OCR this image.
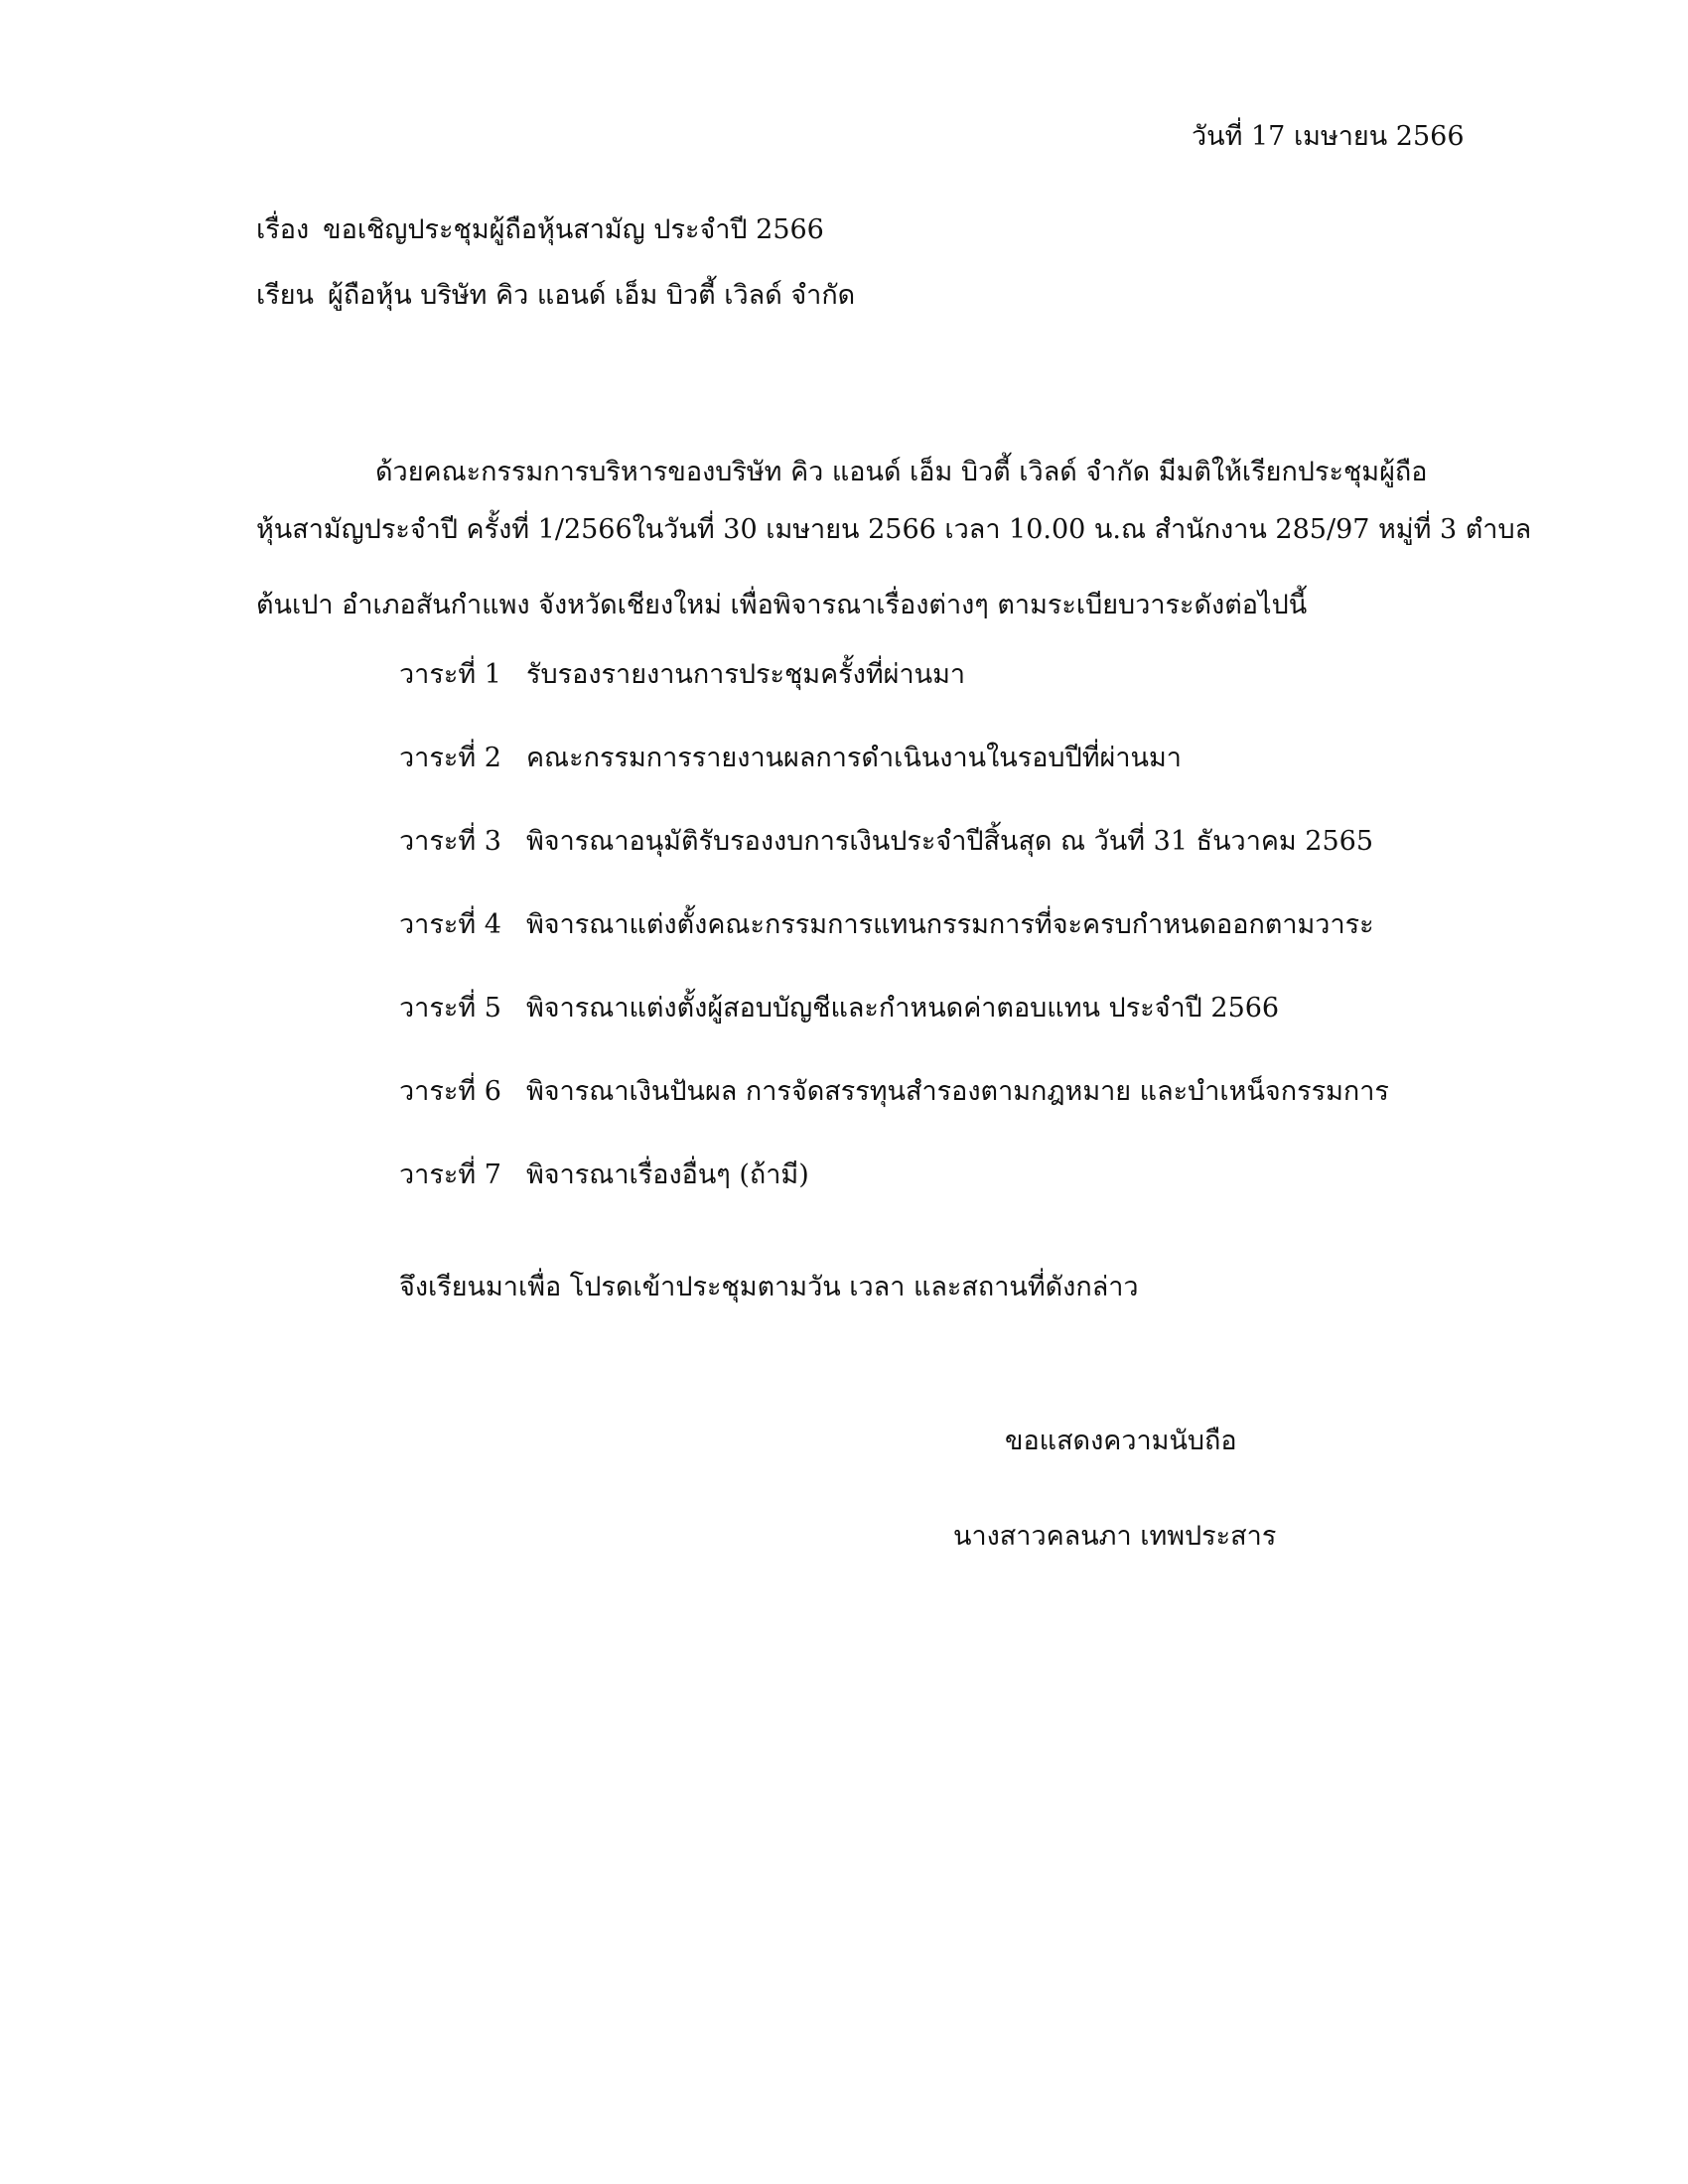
วันที่ 17 เมษายน 2566
เรื่อง ขอเชิญประชุมผู้ถือหุ้นสามัญ ประจำปี 2566
เรียน ผู้ถือหุ้น บริษัท คิว แอนด์ เอ็ม บิวตี้ เวิลด์ จำกัด
ด้วยคณะกรรมการบริหารของบริษัท คิว แอนด์ เอ็ม บิวตี้ เวิลด์ จำกัด มีมติให้เรียกประชุมผู้ถือ
หุ้นสามัญประจำปี ครั้งที่ 1/2566ในวันที่ 30 เมษายน 2566 เวลา 10.00 น.ณ สำนักงาน 285/97 หมู่ที่ 3 ตำบล
ต้นเปา อำเภอสันกำแพง จังหวัดเชียงใหม่ เพื่อพิจารณาเรื่องต่างๆ ตามระเบียบวาระดังต่อไปนี้
วาระที่ 1 รับรองรายงานการประชุมครั้งที่ผ่านมา
วาระที่ 2 คณะกรรมการรายงานผลการดำเนินงานในรอบปีที่ผ่านมา
วาระที่ 3 พิจารณาอนุมัติรับรองงบการเงินประจำปีสิ้นสุด ณ วันที่ 31 ธันวาคม 2565
วาระที่ 4 พิจารณาแต่งตั้งคณะกรรมการแทนกรรมการที่จะครบกำหนดออกตามวาระ
วาระที่ 5 พิจารณาแต่งตั้งผู้สอบบัญชีและกำหนดค่าตอบแทน ประจำปี 2566
วาระที่ 6 พิจารณาเงินปันผล การจัดสรรทุนสำรองตามกฎหมาย และบำเหน็จกรรมการ
วาระที่ 7 พิจารณาเรื่องอื่นๆ (ถ้ามี)
จึงเรียนมาเพื่อ โปรดเข้าประชุมตามวัน เวลา และสถานที่ดังกล่าว
ขอแสดงความนับถือ
นางสาวคลนภา เทพประสาร
